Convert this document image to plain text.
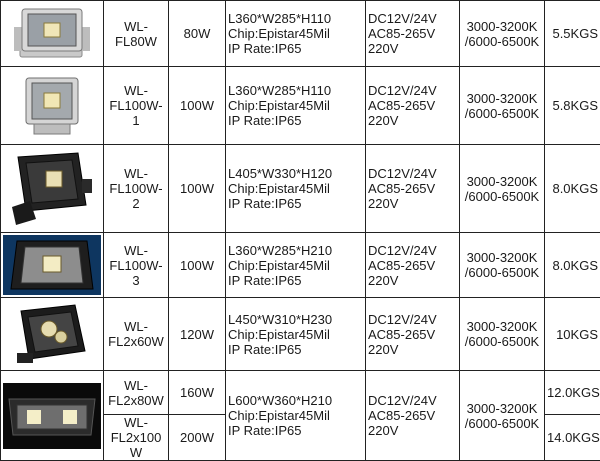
WL-
FL80W	80W	L360*W285*H110
Chip:Epistar45Mil
IP Rate:IP65	DC12V/24V
AC85-265V
220V	3000-3200K
/6000-6500K	5.5KGS

WL-
FL100W-
1	100W	L360*W285*H110
Chip:Epistar45Mil
IP Rate:IP65	DC12V/24V
AC85-265V
220V	3000-3200K
/6000-6500K	5.8KGS

WL-
FL100W-
2	100W	L405*W330*H120
Chip:Epistar45Mil
IP Rate:IP65	DC12V/24V
AC85-265V
220V	3000-3200K
/6000-6500K	8.0KGS

WL-
FL100W-
3	100W	L360*W285*H210
Chip:Epistar45Mil
IP Rate:IP65	DC12V/24V
AC85-265V
220V	3000-3200K
/6000-6500K	8.0KGS

WL-
FL2x60W	120W	L450*W310*H230
Chip:Epistar45Mil
IP Rate:IP65	DC12V/24V
AC85-265V
220V	3000-3200K
/6000-6500K	10KGS

WL-
FL2x80W	160W	L600*W360*H210
Chip:Epistar45Mil
IP Rate:IP65	DC12V/24V
AC85-265V
220V	3000-3200K
/6000-6500K	12.0KGS

	WL-
FL2x100
W	200W				14.0KGS
